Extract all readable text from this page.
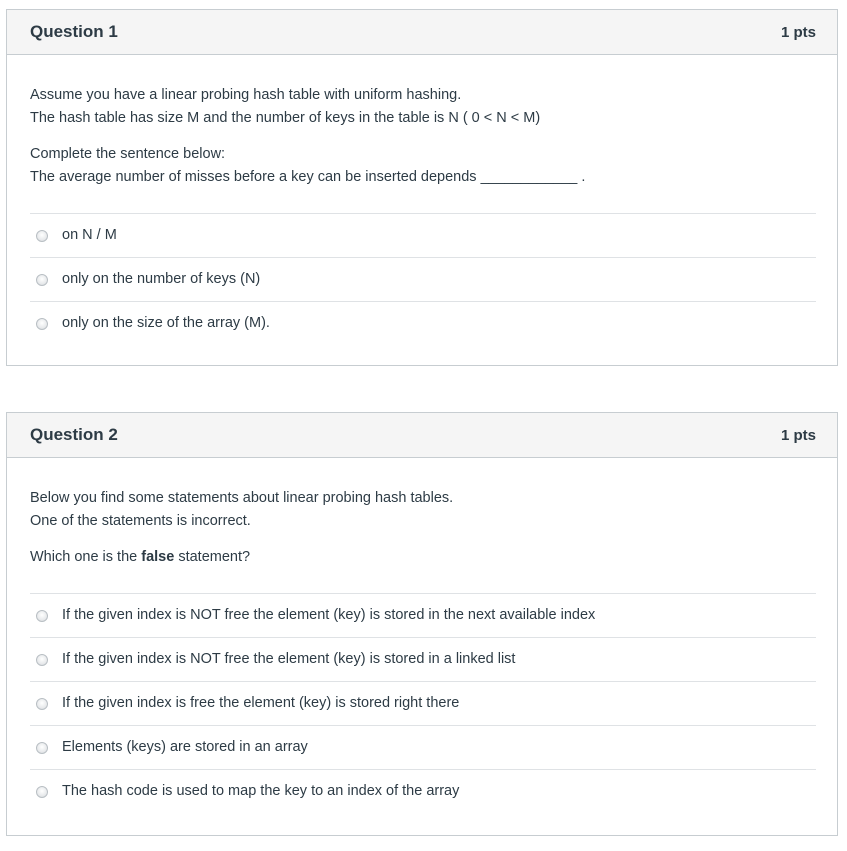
Question 1	1 pts

Assume you have a linear probing hash table with uniform hashing.
The hash table has size M and the number of keys in the table is N ( 0 < N < M)

Complete the sentence below:
The average number of misses before a key can be inserted depends ____________ .

on N / M
only on the number of keys (N)
only on the size of the array (M).
Question 2	1 pts

Below you find some statements about linear probing hash tables.
One of the statements is incorrect.

Which one is the false statement?

If the given index is NOT free the element (key) is stored in the next available index
If the given index is NOT free the element (key) is stored in a linked list
If the given index is free the element (key) is stored right there
Elements (keys) are stored in an array
The hash code is used to map the key to an index of the array
